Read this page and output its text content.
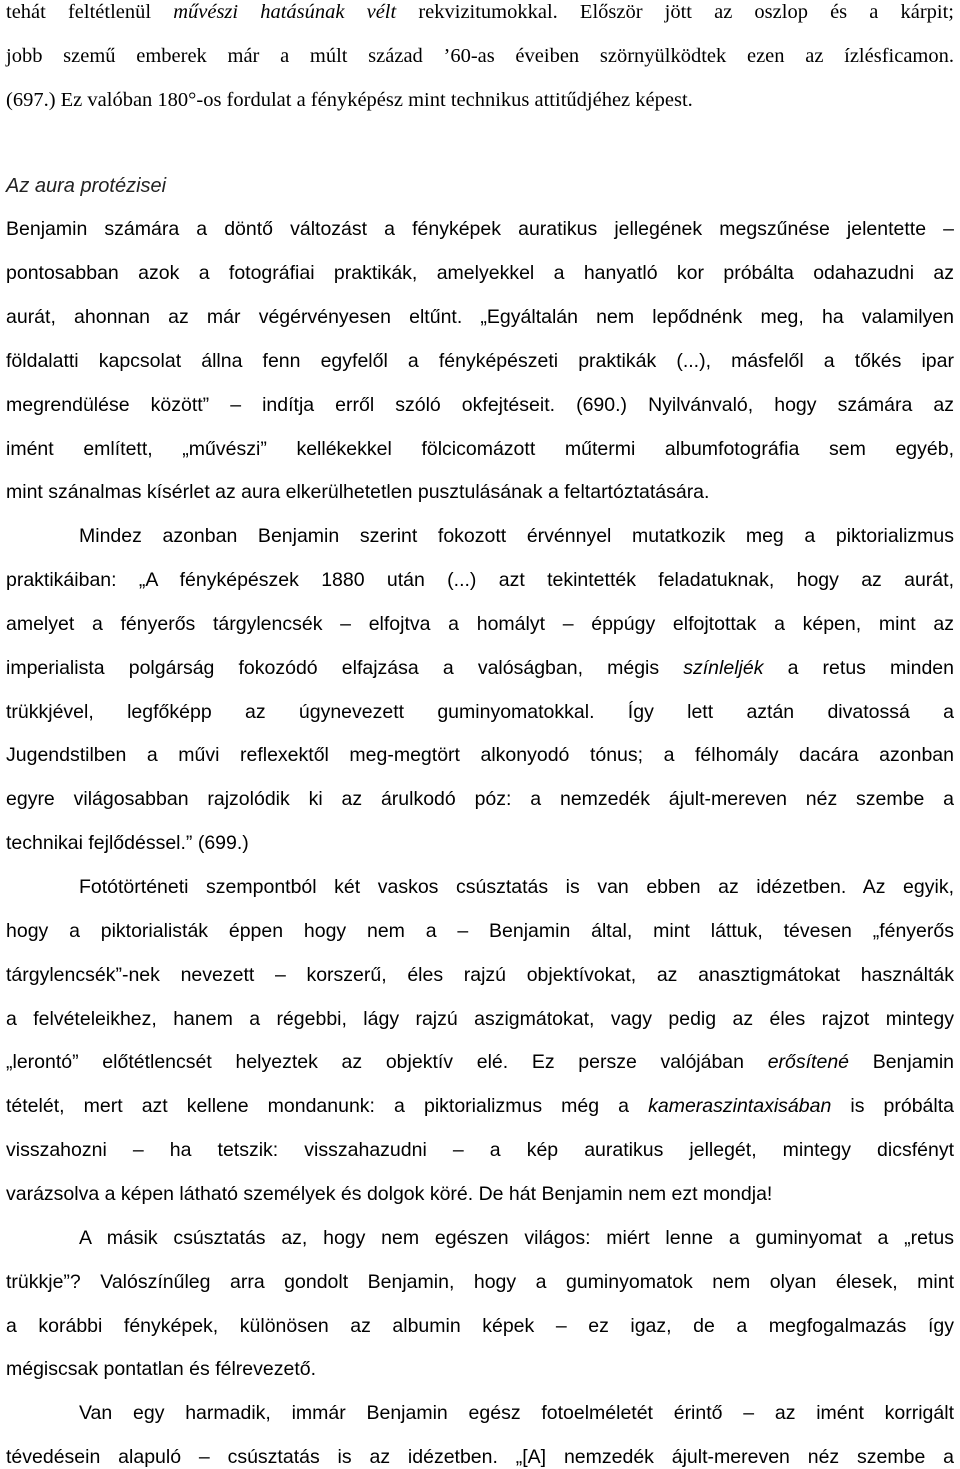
tehát feltétlenül művészi hatásúnak vélt rekvizitumokkal. Először jött az oszlop és a kárpit;
jobb szemű emberek már a múlt század ’60-as éveiben szörnyülködtek ezen az ízlésficamon.
(697.) Ez valóban 180°-os fordulat a fényképész mint technikus attitűdjéhez képest.
Az aura protézisei
Benjamin számára a döntő változást a fényképek auratikus jellegének megszűnése jelentette –
pontosabban azok a fotográfiai praktikák, amelyekkel a hanyatló kor próbálta odahazudni az
aurát, ahonnan az már végérvényesen eltűnt. „Egyáltalán nem lepődnénk meg, ha valamilyen
földalatti kapcsolat állna fenn egyfelől a fényképészeti praktikák (...), másfelől a tőkés ipar
megrendülése között” – indítja erről szóló okfejtéseit. (690.) Nyilvánvaló, hogy számára az
imént említett, „művészi” kellékekkel fölcicomázott műtermi albumfotográfia sem egyéb,
mint szánalmas kísérlet az aura elkerülhetetlen pusztulásának a feltartóztatására.
Mindez azonban Benjamin szerint fokozott érvénnyel mutatkozik meg a piktorializmus
praktikáiban: „A fényképészek 1880 után (...) azt tekintették feladatuknak, hogy az aurát,
amelyet a fényerős tárgylencsék – elfojtva a homályt – éppúgy elfojtottak a képen, mint az
imperialista polgárság fokozódó elfajzása a valóságban, mégis színleljék a retus minden
trükkjével, legfőképp az úgynevezett guminyomatokkal. Így lett aztán divatossá a
Jugendstilben a művi reflexektől meg-megtört alkonyodó tónus; a félhomály dacára azonban
egyre világosabban rajzolódik ki az árulkodó póz: a nemzedék ájult-mereven néz szembe a
technikai fejlődéssel.” (699.)
Fotótörténeti szempontból két vaskos csúsztatás is van ebben az idézetben. Az egyik,
hogy a piktorialisták éppen hogy nem a – Benjamin által, mint láttuk, tévesen „fényerős
tárgylencsék”-nek nevezett – korszerű, éles rajzú objektívokat, az anasztigmátokat használták
a felvételeikhez, hanem a régebbi, lágy rajzú aszigmátokat, vagy pedig az éles rajzot mintegy
„lerontó” előtétlencsét helyeztek az objektív elé. Ez persze valójában erősítené Benjamin
tételét, mert azt kellene mondanunk: a piktorializmus még a kameraszintaxisában is próbálta
visszahozni – ha tetszik: visszahazudni – a kép auratikus jellegét, mintegy dicsfényt
varázsolva a képen látható személyek és dolgok köré. De hát Benjamin nem ezt mondja!
A másik csúsztatás az, hogy nem egészen világos: miért lenne a guminyomat a „retus
trükkje”? Valószínűleg arra gondolt Benjamin, hogy a guminyomatok nem olyan élesek, mint
a korábbi fényképek, különösen az albumin képek – ez igaz, de a megfogalmazás így
mégiscsak pontatlan és félrevezető.
Van egy harmadik, immár Benjamin egész fotoelméletét érintő – az imént korrigált
tévedésein alapuló – csúsztatás is az idézetben. „[A] nemzedék ájult-mereven néz szembe a
